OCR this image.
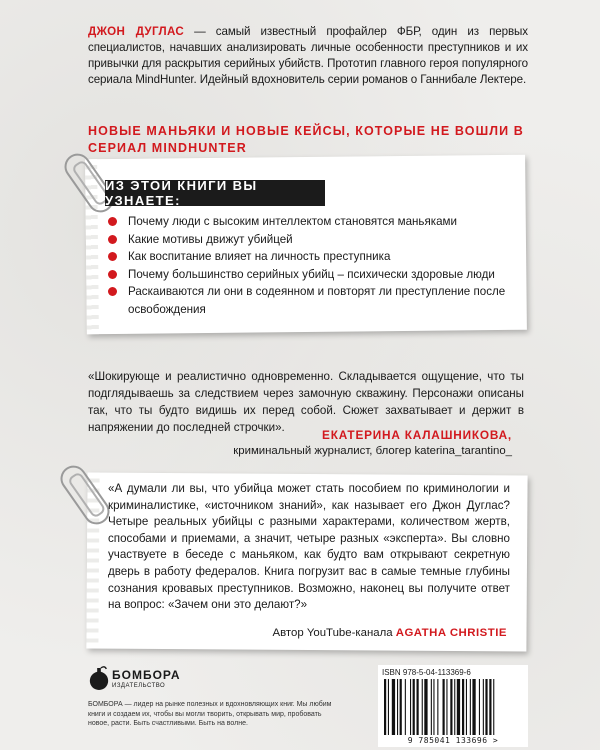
ДЖОН ДУГЛАС — самый известный профайлер ФБР, один из первых специалистов, начавших анализировать личные особенности преступников и их привычки для раскрытия серийных убийств. Прототип главного героя популярного сериала MindHunter. Идейный вдохновитель серии романов о Ганнибале Лектере.

НОВЫЕ МАНЬЯКИ И НОВЫЕ КЕЙСЫ, КОТОРЫЕ НЕ ВОШЛИ В СЕРИАЛ MINDHUNTER

ИЗ ЭТОЙ КНИГИ ВЫ УЗНАЕТЕ:
Почему люди с высоким интеллектом становятся маньяками
Какие мотивы движут убийцей
Как воспитание влияет на личность преступника
Почему большинство серийных убийц – психически здоровые люди
Раскаиваются ли они в содеянном и повторят ли преступление после освобождения

«Шокирующе и реалистично одновременно. Складывается ощущение, что ты подглядываешь за следствием через замочную скважину. Персонажи описаны так, что ты будто видишь их перед собой. Сюжет захватывает и держит в напряжении до последней строчки».

ЕКАТЕРИНА КАЛАШНИКОВА,
криминальный журналист, блогер katerina_tarantino_

«А думали ли вы, что убийца может стать пособием по криминологии и криминалистике, «источником знаний», как называет его Джон Дуглас? Четыре реальных убийцы с разными характерами, количеством жертв, способами и приемами, а значит, четыре разных «эксперта». Вы словно участвуете в беседе с маньяком, как будто вам открывают секретную дверь в работу федералов. Книга погрузит вас в самые темные глубины сознания кровавых преступников. Возможно, наконец вы получите ответ на вопрос: «Зачем они это делают?»

Автор YouTube-канала AGATHA CHRISTIE
БОМБОРА
ИЗДАТЕЛЬСТВО

БОМБОРА — лидер на рынке полезных и вдохновляющих книг. Мы любим книги и создаем их, чтобы вы могли творить, открывать мир, пробовать новое, расти. Быть счастливыми. Быть на волне.

ISBN 978-5-04-113369-6
9 785041 133696 >
